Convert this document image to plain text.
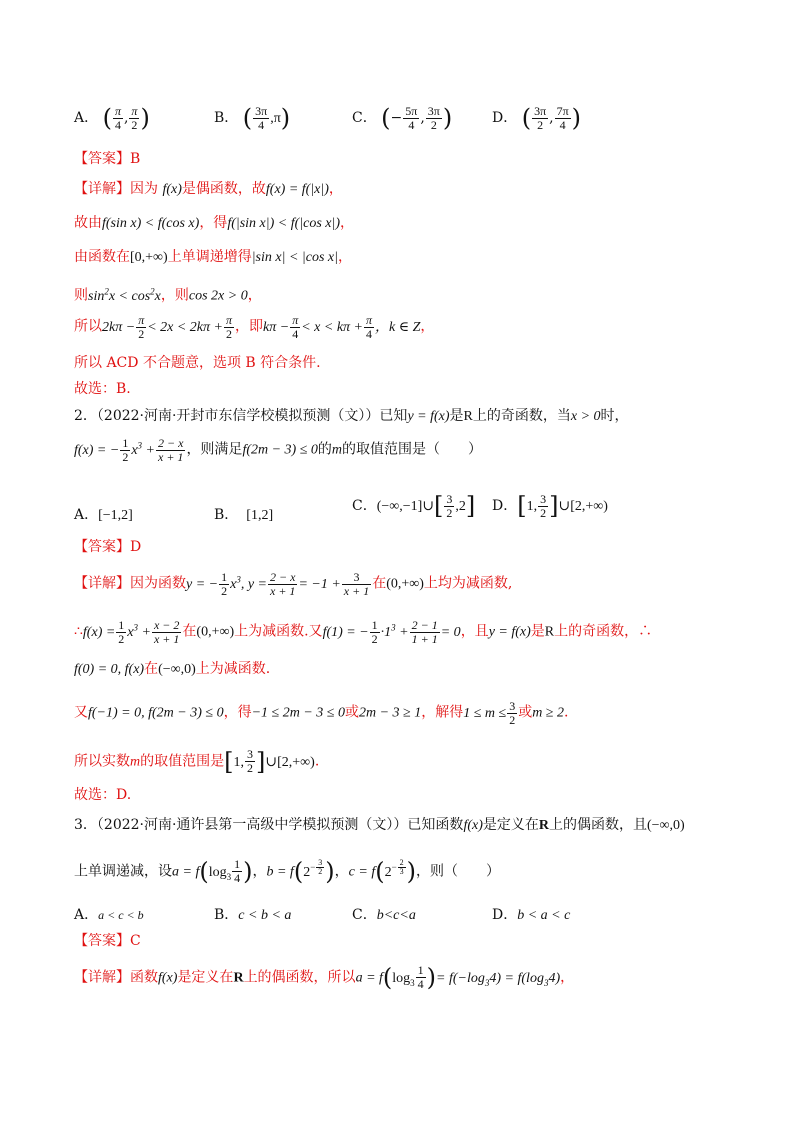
A． ( $\frac{\pi}{4}$ , $\frac{\pi}{2}$ )	B． ( $\frac{3\pi}{4} ,\pi$)	C． (− $\frac{5\pi}{4}$ , $\frac{3\pi}{2}$ )	D． ( $\frac{3\pi}{2}$ , $\frac{7\pi}{4}$ )
【答案】B
【详解】因为 f(x)是偶函数，故f(x) = f(|x|)，
故由f(sin x) < f(cos x)，得f(|sin x|) < f(|cos x|)，
由函数在[0,+∞)上单调递增得|sin x| < |cos x|，
则$\sin^2x < \cos^2x$，则cos 2x > 0，
所以$2k\pi - \frac{\pi}{2} < 2x < 2k\pi + \frac{\pi}{2}$ ，即$k\pi - \frac{\pi}{4} < x < k\pi + \frac{\pi}{4}$ ，k ∈ Z，
所以 ACD 不合题意，选项 B 符合条件.
故选：B.
2．（2022·河南·开封市东信学校模拟预测（文））已知y = f(x)是R上的奇函数，当x > 0时，
f(x) = − $\frac{1}{2} x^3 + \frac{2 - x}{x + 1}$ ，则满足f(2m − 3) ≤ 0的m的取值范围是（　　）
A．[−1,2]	B． [1,2]
C．(−∞,−1]∪[ $\frac{3}{2} ,2$] D．[1, $\frac{3}{2}$ ]∪[2,+∞)
【答案】D
【详解】因为函数y = − $\frac{1}{2} x^3$, $y = \frac{2 - x}{x + 1} = -1 + \frac{3}{x + 1}$ 在(0,+∞)上均为减函数,
∴f(x) = $\frac{1}{2} x^3 + \frac{x - 2}{x + 1}$ 在(0,+∞)上为减函数.又f(1) = − $\frac{1}{2} \cdot 1^3 + \frac{2 - 1}{1 + 1} = 0$，且y = f(x)是R上的奇函数，∴
f(0) = 0, f(x)在(−∞,0)上为减函数.
又f(−1) = 0, f(2m − 3) ≤ 0，得−1 ≤ 2m − 3 ≤ 0或2m − 3 ≥ 1，解得$1 \le m \le \frac{3}{2}$ 或m ≥ 2.
所以实数m的取值范围是[1, $\frac{3}{2}$ ]∪[2,+∞).
故选：D.
3．（2022·河南·通许县第一高级中学模拟预测（文））已知函数f(x)是定义在R上的偶函数，且(−∞,0)
上单调递减，设$a = f(\log_3 \frac{1}{4}$ )，$b = f(2^{- \frac{3}{2}}$ )，$c = f(2^{- \frac{2}{3}}$ )，则（　　）
A．a < c < b	B．c < b < a	C．b<c<a	D．b < a < c
【答案】C
【详解】函数f(x)是定义在R上的偶函数，所以$a = f(\log_3 \frac{1}{4}$ )= $f(-\log_34) = f(\log_34)$，
